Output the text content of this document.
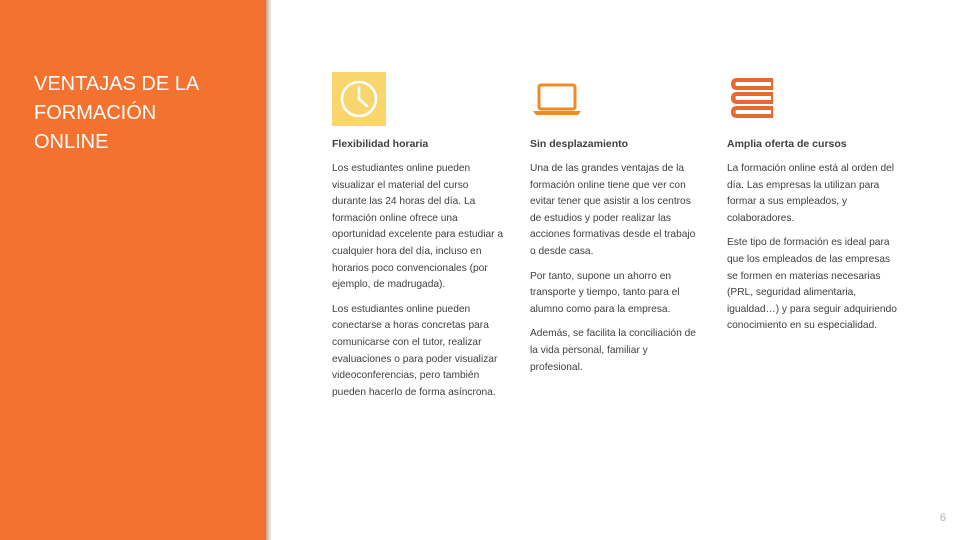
VENTAJAS DE LA
FORMACIÓN
ONLINE	Flexibilidad horaria

Los estudiantes online pueden visualizar el material del curso durante las 24 horas del día. La formación online ofrece una oportunidad excelente para estudiar a cualquier hora del día, incluso en horarios poco convencionales (por ejemplo, de madrugada).

Los estudiantes online pueden conectarse a horas concretas para comunicarse con el tutor, realizar evaluaciones o para poder visualizar videoconferencias, pero también pueden hacerlo de forma asíncrona.

Sin desplazamiento

Una de las grandes ventajas de la formación online tiene que ver con evitar tener que asistir a los centros de estudios y poder realizar las acciones formativas desde el trabajo o desde casa.

Por tanto, supone un ahorro en transporte y tiempo, tanto para el alumno como para la empresa.

Además, se facilita la conciliación de la vida personal, familiar y profesional.

Amplia oferta de cursos

La formación online está al orden del día. Las empresas la utilizan para formar a sus empleados, y colaboradores.

Este tipo de formación es ideal para que los empleados de las empresas se formen en materias necesarias (PRL, seguridad alimentaria, igualdad…) y para seguir adquiriendo conocimiento en su especialidad.

6
